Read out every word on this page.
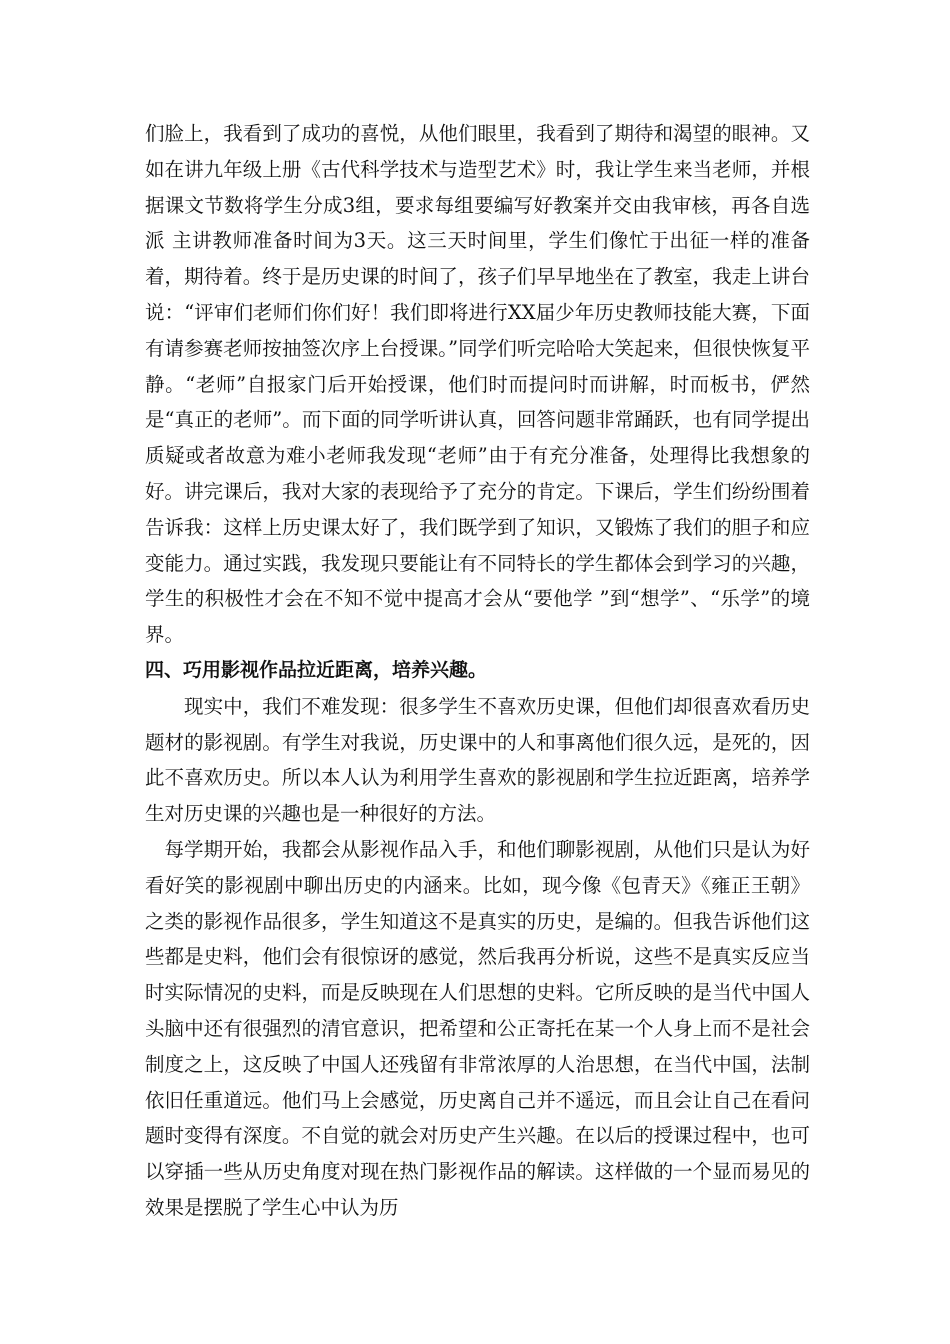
们脸上，我看到了成功的喜悦，从他们眼里，我看到了期待和渴望的眼神。又如在讲九年级上册《古代科学技术与造型艺术》时，我让学生来当老师，并根据课文节数将学生分成3组，要求每组要编写好教案并交由我审核，再各自选派 主讲教师准备时间为3天。这三天时间里，学生们像忙于出征一样的准备着，期待着。终于是历史课的时间了，孩子们早早地坐在了教室，我走上讲台说：“评审们老师们你们好！我们即将进行XX届少年历史教师技能大赛，下面有请参赛老师按抽签次序上台授课。”同学们听完哈哈大笑起来，但很快恢复平静。“老师”自报家门后开始授课，他们时而提问时而讲解，时而板书，俨然是“真正的老师”。而下面的同学听讲认真，回答问题非常踊跃，也有同学提出质疑或者故意为难小老师我发现“老师”由于有充分准备，处理得比我想象的好。讲完课后，我对大家的表现给予了充分的肯定。下课后，学生们纷纷围着告诉我：这样上历史课太好了，我们既学到了知识，又锻炼了我们的胆子和应变能力。通过实践，我发现只要能让有不同特长的学生都体会到学习的兴趣，学生的积极性才会在不知不觉中提高才会从“要他学 ”到“想学”、“乐学”的境界。

四、巧用影视作品拉近距离，培养兴趣。

现实中，我们不难发现：很多学生不喜欢历史课，但他们却很喜欢看历史题材的影视剧。有学生对我说，历史课中的人和事离他们很久远，是死的，因此不喜欢历史。所以本人认为利用学生喜欢的影视剧和学生拉近距离，培养学生对历史课的兴趣也是一种很好的方法。

每学期开始，我都会从影视作品入手，和他们聊影视剧，从他们只是认为好看好笑的影视剧中聊出历史的内涵来。比如，现今像《包青天》《雍正王朝》之类的影视作品很多，学生知道这不是真实的历史，是编的。但我告诉他们这些都是史料，他们会有很惊讶的感觉，然后我再分析说，这些不是真实反应当时实际情况的史料，而是反映现在人们思想的史料。它所反映的是当代中国人头脑中还有很强烈的清官意识，把希望和公正寄托在某一个人身上而不是社会制度之上，这反映了中国人还残留有非常浓厚的人治思想，在当代中国，法制依旧任重道远。他们马上会感觉，历史离自己并不遥远，而且会让自己在看问题时变得有深度。不自觉的就会对历史产生兴趣。在以后的授课过程中，也可以穿插一些从历史角度对现在热门影视作品的解读。这样做的一个显而易见的效果是摆脱了学生心中认为历
